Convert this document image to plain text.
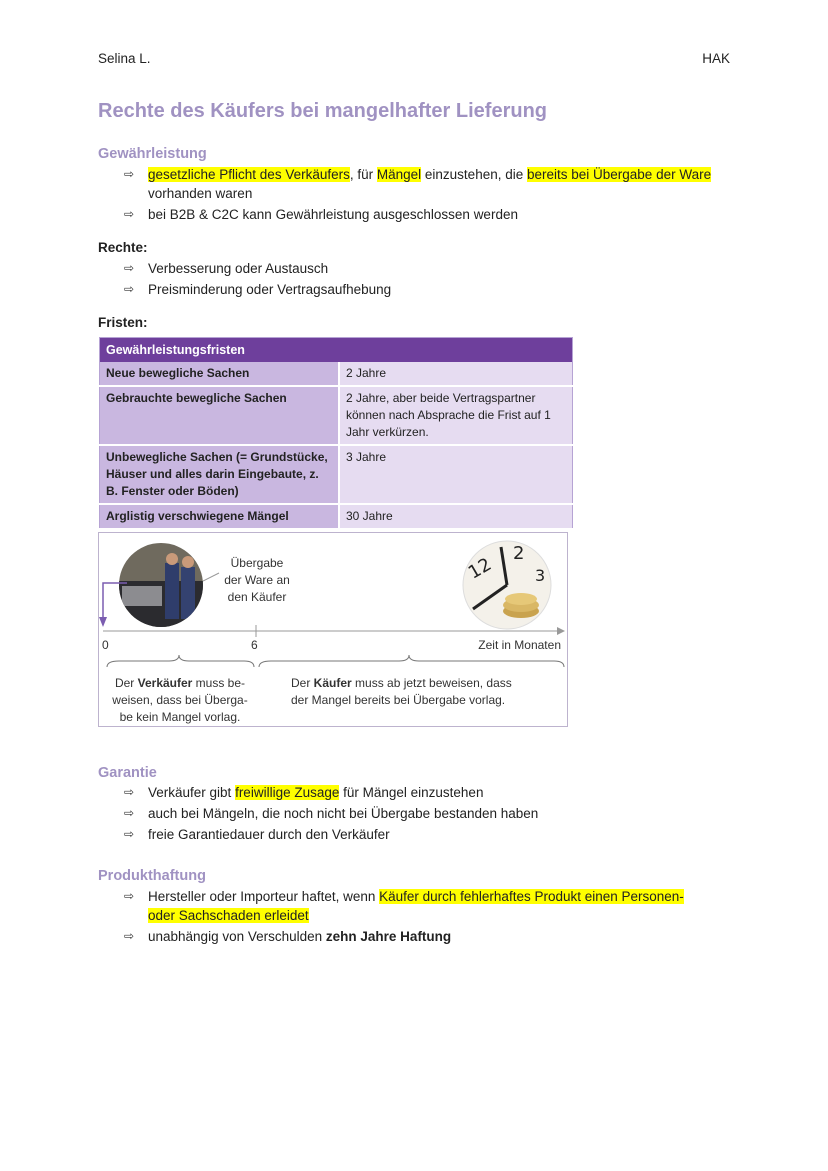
Selina L.	HAK
Rechte des Käufers bei mangelhafter Lieferung
Gewährleistung
⇨ gesetzliche Pflicht des Verkäufers, für Mängel einzustehen, die bereits bei Übergabe der Ware
vorhanden waren
⇨ bei B2B & C2C kann Gewährleistung ausgeschlossen werden
Rechte:
⇨ Verbesserung oder Austausch
⇨ Preisminderung oder Vertragsaufhebung
Fristen:
Gewährleistungsfristen	
Neue bewegliche Sachen	2 Jahre
Gebrauchte bewegliche Sachen	2 Jahre, aber beide Vertragspartner können nach Absprache die Frist auf 1 Jahr verkürzen.
Unbewegliche Sachen (= Grundstücke, Häuser und alles darin Eingebaute, z. B. Fenster oder Böden)	3 Jahre
Arglistig verschwiegene Mängel	30 Jahre
Übergabe
der Ware an
den Käufer
12
2
3
0	6	Zeit in Monaten
Der Verkäufer muss be-
weisen, dass bei Überga-
be kein Mangel vorlag.
Der Käufer muss ab jetzt beweisen, dass
der Mangel bereits bei Übergabe vorlag.
Garantie
⇨ Verkäufer gibt freiwillige Zusage für Mängel einzustehen
⇨ auch bei Mängeln, die noch nicht bei Übergabe bestanden haben
⇨ freie Garantiedauer durch den Verkäufer
Produkthaftung
⇨ Hersteller oder Importeur haftet, wenn Käufer durch fehlerhaftes Produkt einen Personen-
oder Sachschaden erleidet
⇨ unabhängig von Verschulden zehn Jahre Haftung
